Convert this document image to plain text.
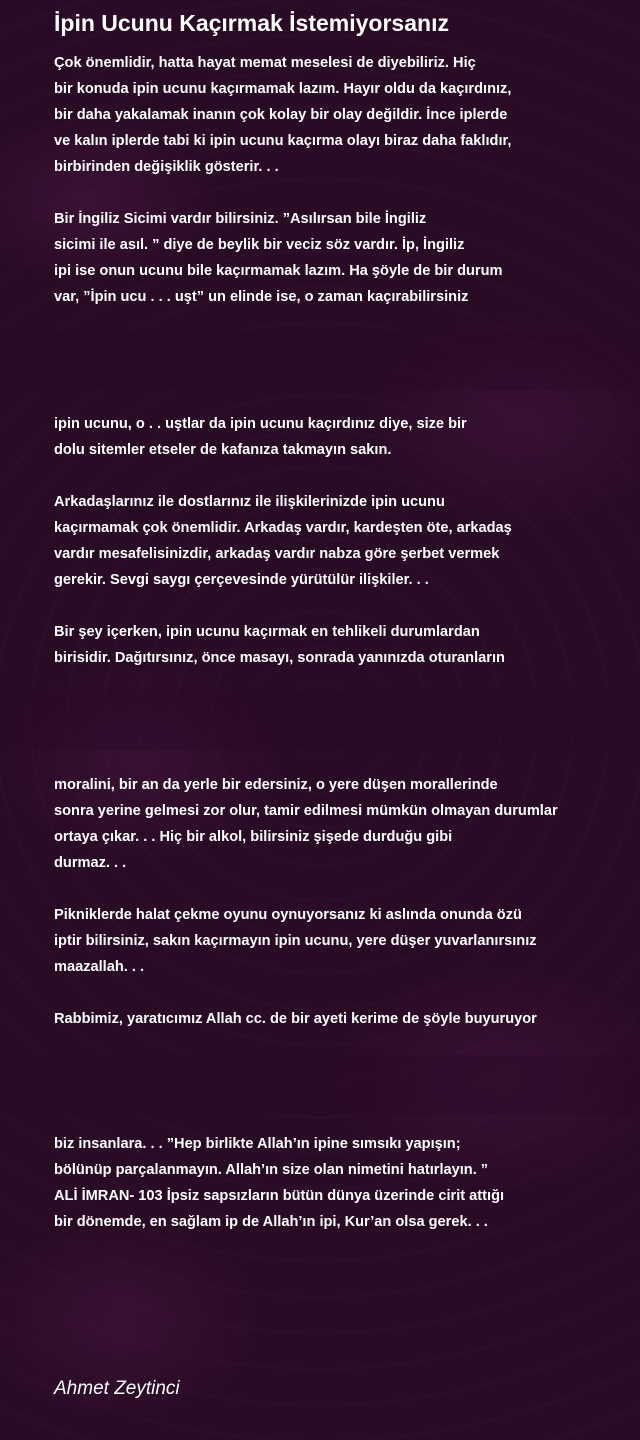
İpin Ucunu Kaçırmak İstemiyorsanız
Çok önemlidir, hatta hayat memat meselesi de diyebiliriz. Hiç
bir konuda ipin ucunu kaçırmamak lazım. Hayır oldu da kaçırdınız,
bir daha yakalamak inanın çok kolay bir olay değildir. İnce iplerde
ve kalın iplerde tabi ki ipin ucunu kaçırma olayı biraz daha faklıdır,
birbirinden değişiklik gösterir. . .
Bir İngiliz Sicimi vardır bilirsiniz. ”Asılırsan bile İngiliz
sicimi ile asıl. ” diye de beylik bir veciz söz vardır. İp, İngiliz
ipi ise onun ucunu bile kaçırmamak lazım. Ha şöyle de bir durum
var, ”İpin ucu . . . uşt” un elinde ise, o zaman kaçırabilirsiniz
ipin ucunu, o . . uştlar da ipin ucunu kaçırdınız diye, size bir
dolu sitemler etseler de kafanıza takmayın sakın.
Arkadaşlarınız ile dostlarınız ile ilişkilerinizde ipin ucunu
kaçırmamak çok önemlidir. Arkadaş vardır, kardeşten öte, arkadaş
vardır mesafelisinizdir, arkadaş vardır nabza göre şerbet vermek
gerekir. Sevgi saygı çerçevesinde yürütülür ilişkiler. . .
Bir şey içerken, ipin ucunu kaçırmak en tehlikeli durumlardan
birisidir. Dağıtırsınız, önce masayı, sonrada yanınızda oturanların
moralini, bir an da yerle bir edersiniz, o yere düşen morallerinde
sonra yerine gelmesi zor olur, tamir edilmesi mümkün olmayan durumlar
ortaya çıkar. . . Hiç bir alkol, bilirsiniz şişede durduğu gibi
durmaz. . .
Pikniklerde halat çekme oyunu oynuyorsanız ki aslında onunda özü
iptir bilirsiniz, sakın kaçırmayın ipin ucunu, yere düşer yuvarlanırsınız
maazallah. . .
Rabbimiz, yaratıcımız Allah cc. de bir ayeti kerime de şöyle buyuruyor
biz insanlara. . . ”Hep birlikte Allah’ın ipine sımsıkı yapışın;
bölünüp parçalanmayın. Allah’ın size olan nimetini hatırlayın. ”
ALİ İMRAN- 103 İpsiz sapsızların bütün dünya üzerinde cirit attığı
bir dönemde, en sağlam ip de Allah’ın ipi, Kur’an olsa gerek. . .
Ahmet Zeytinci
